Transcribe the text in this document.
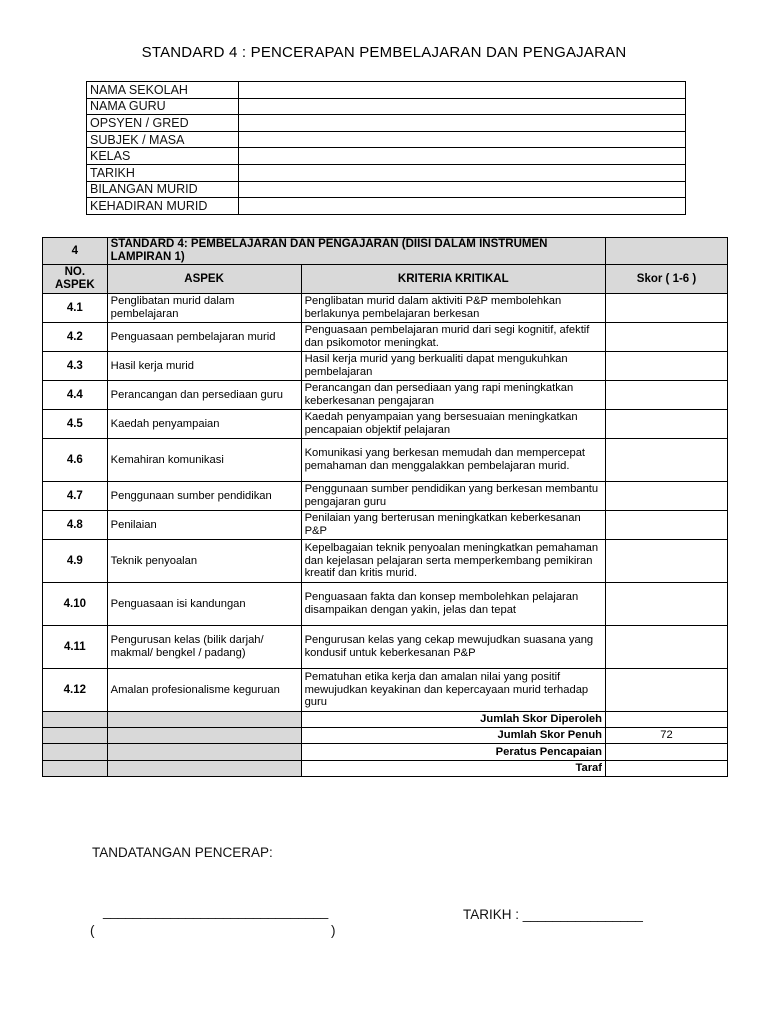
STANDARD 4 : PENCERAPAN PEMBELAJARAN DAN PENGAJARAN
NAMA SEKOLAH	
NAMA GURU	
OPSYEN / GRED	
SUBJEK / MASA	
KELAS	
TARIKH	
BILANGAN MURID	
KEHADIRAN MURID	
4	STANDARD 4: PEMBELAJARAN DAN PENGAJARAN (DIISI DALAM INSTRUMEN LAMPIRAN 1)		
NO. ASPEK	ASPEK	KRITERIA KRITIKAL	Skor ( 1-6 )
4.1	Penglibatan murid dalam pembelajaran	Penglibatan murid dalam aktiviti P&P membolehkan berlakunya pembelajaran berkesan	
4.2	Penguasaan pembelajaran murid	Penguasaan pembelajaran murid dari segi kognitif, afektif dan psikomotor meningkat.	
4.3	Hasil kerja murid	Hasil kerja murid yang berkualiti dapat mengukuhkan pembelajaran	
4.4	Perancangan dan persediaan guru	Perancangan dan persediaan yang rapi meningkatkan keberkesanan pengajaran	
4.5	Kaedah penyampaian	Kaedah penyampaian yang bersesuaian meningkatkan pencapaian objektif pelajaran	
4.6	Kemahiran komunikasi	Komunikasi yang berkesan memudah dan mempercepat pemahaman dan menggalakkan pembelajaran murid.	
4.7	Penggunaan sumber pendidikan	Penggunaan sumber pendidikan yang berkesan membantu pengajaran guru	
4.8	Penilaian	Penilaian yang berterusan meningkatkan keberkesanan P&P	
4.9	Teknik penyoalan	Kepelbagaian teknik penyoalan meningkatkan pemahaman dan kejelasan pelajaran serta memperkembang pemikiran kreatif dan kritis murid.	
4.10	Penguasaan isi kandungan	Penguasaan fakta dan konsep membolehkan pelajaran disampaikan dengan yakin, jelas dan tepat	
4.11	Pengurusan kelas (bilik darjah/ makmal/ bengkel / padang)	Pengurusan kelas yang cekap mewujudkan suasana yang kondusif untuk keberkesanan P&P	
4.12	Amalan profesionalisme keguruan	Pematuhan etika kerja dan amalan nilai yang positif mewujudkan keyakinan dan kepercayaan murid terhadap guru	
		Jumlah Skor Diperoleh	
		Jumlah Skor Penuh	72
		Peratus Pencapaian	
		Taraf	
TANDATANGAN PENCERAP:
______________________________
(	)
TARIKH : ________________
